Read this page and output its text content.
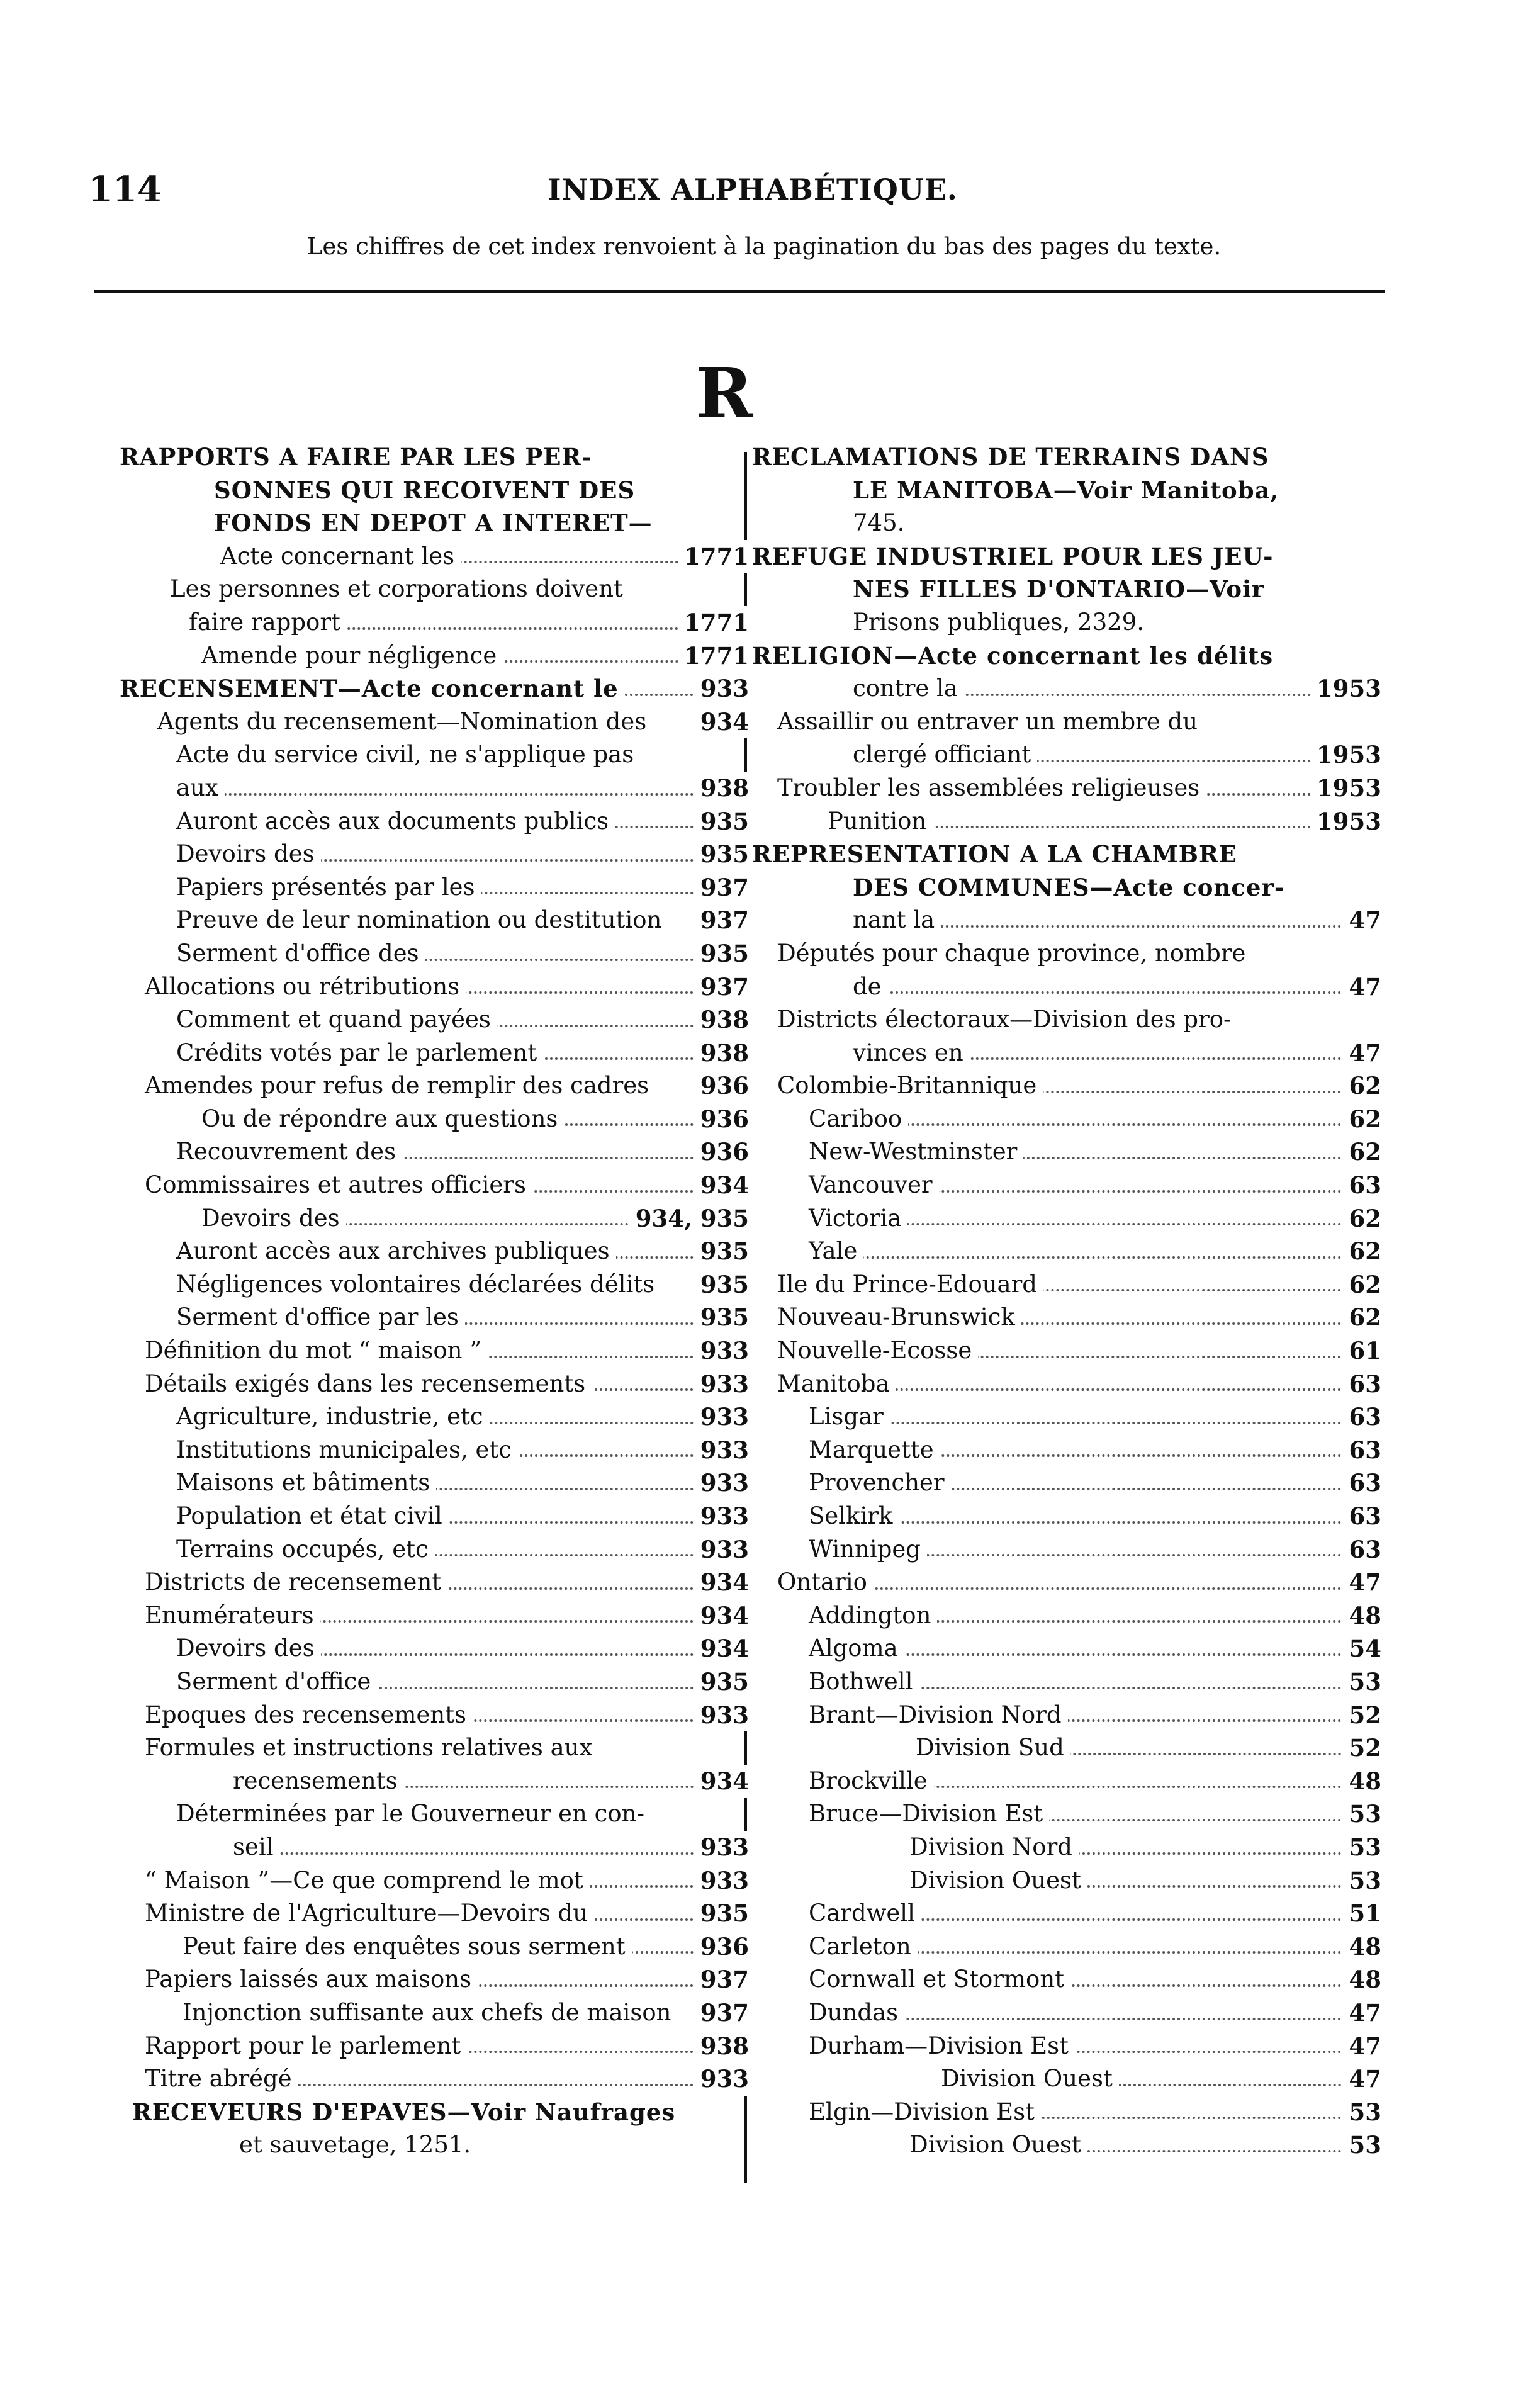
114	INDEX ALPHABÉTIQUE.
Les chiffres de cet index renvoient à la pagination du bas des pages du texte.
R
RAPPORTS A FAIRE PAR LES PER-
SONNES QUI RECOIVENT DES
FONDS EN DEPOT A INTERET—
Acte concernant les	1771
Les personnes et corporations doivent
faire rapport	1771
Amende pour négligence	1771
RECENSEMENT—Acte concernant le	933
Agents du recensement—Nomination des 934
Acte du service civil, ne s'applique pas
aux	938
Auront accès aux documents publics	935
Devoirs des	935
Papiers présentés par les	937
Preuve de leur nomination ou destitution 937
Serment d'office des	935
Allocations ou rétributions	937
Comment et quand payées	938
Crédits votés par le parlement	938
Amendes pour refus de remplir des cadres 936
Ou de répondre aux questions	936
Recouvrement des	936
Commissaires et autres officiers	934
Devoirs des	934, 935
Auront accès aux archives publiques	935
Négligences volontaires déclarées délits 935
Serment d'office par les	935
Définition du mot “ maison ”	933
Détails exigés dans les recensements	933
Agriculture, industrie, etc	933
Institutions municipales, etc	933
Maisons et bâtiments	933
Population et état civil	933
Terrains occupés, etc	933
Districts de recensement	934
Enumérateurs	934
Devoirs des	934
Serment d'office	935
Epoques des recensements	933
Formules et instructions relatives aux
recensements	934
Déterminées par le Gouverneur en con-
seil	933
“ Maison ”—Ce que comprend le mot	933
Ministre de l'Agriculture—Devoirs du	935
Peut faire des enquêtes sous serment	936
Papiers laissés aux maisons	937
Injonction suffisante aux chefs de maison 937
Rapport pour le parlement	938
Titre abrégé	933
RECEVEURS D'EPAVES—Voir Naufrages
et sauvetage, 1251.
RECLAMATIONS DE TERRAINS DANS
LE MANITOBA—Voir Manitoba,
745.
REFUGE INDUSTRIEL POUR LES JEU-
NES FILLES D'ONTARIO—Voir
Prisons publiques, 2329.
RELIGION—Acte concernant les délits
contre la	1953
Assaillir ou entraver un membre du
clergé officiant	1953
Troubler les assemblées religieuses	1953
Punition	1953
REPRESENTATION A LA CHAMBRE
DES COMMUNES—Acte concer-
nant la	47
Députés pour chaque province, nombre
de	47
Districts électoraux—Division des pro-
vinces en	47
Colombie-Britannique	62
Cariboo	62
New-Westminster	62
Vancouver	63
Victoria	62
Yale	62
Ile du Prince-Edouard	62
Nouveau-Brunswick	62
Nouvelle-Ecosse	61
Manitoba	63
Lisgar	63
Marquette	63
Provencher	63
Selkirk	63
Winnipeg	63
Ontario	47
Addington	48
Algoma	54
Bothwell	53
Brant—Division Nord	52
Division Sud	52
Brockville	48
Bruce—Division Est	53
Division Nord	53
Division Ouest	53
Cardwell	51
Carleton	48
Cornwall et Stormont	48
Dundas	47
Durham—Division Est	47
Division Ouest	47
Elgin—Division Est	53
Division Ouest	53
